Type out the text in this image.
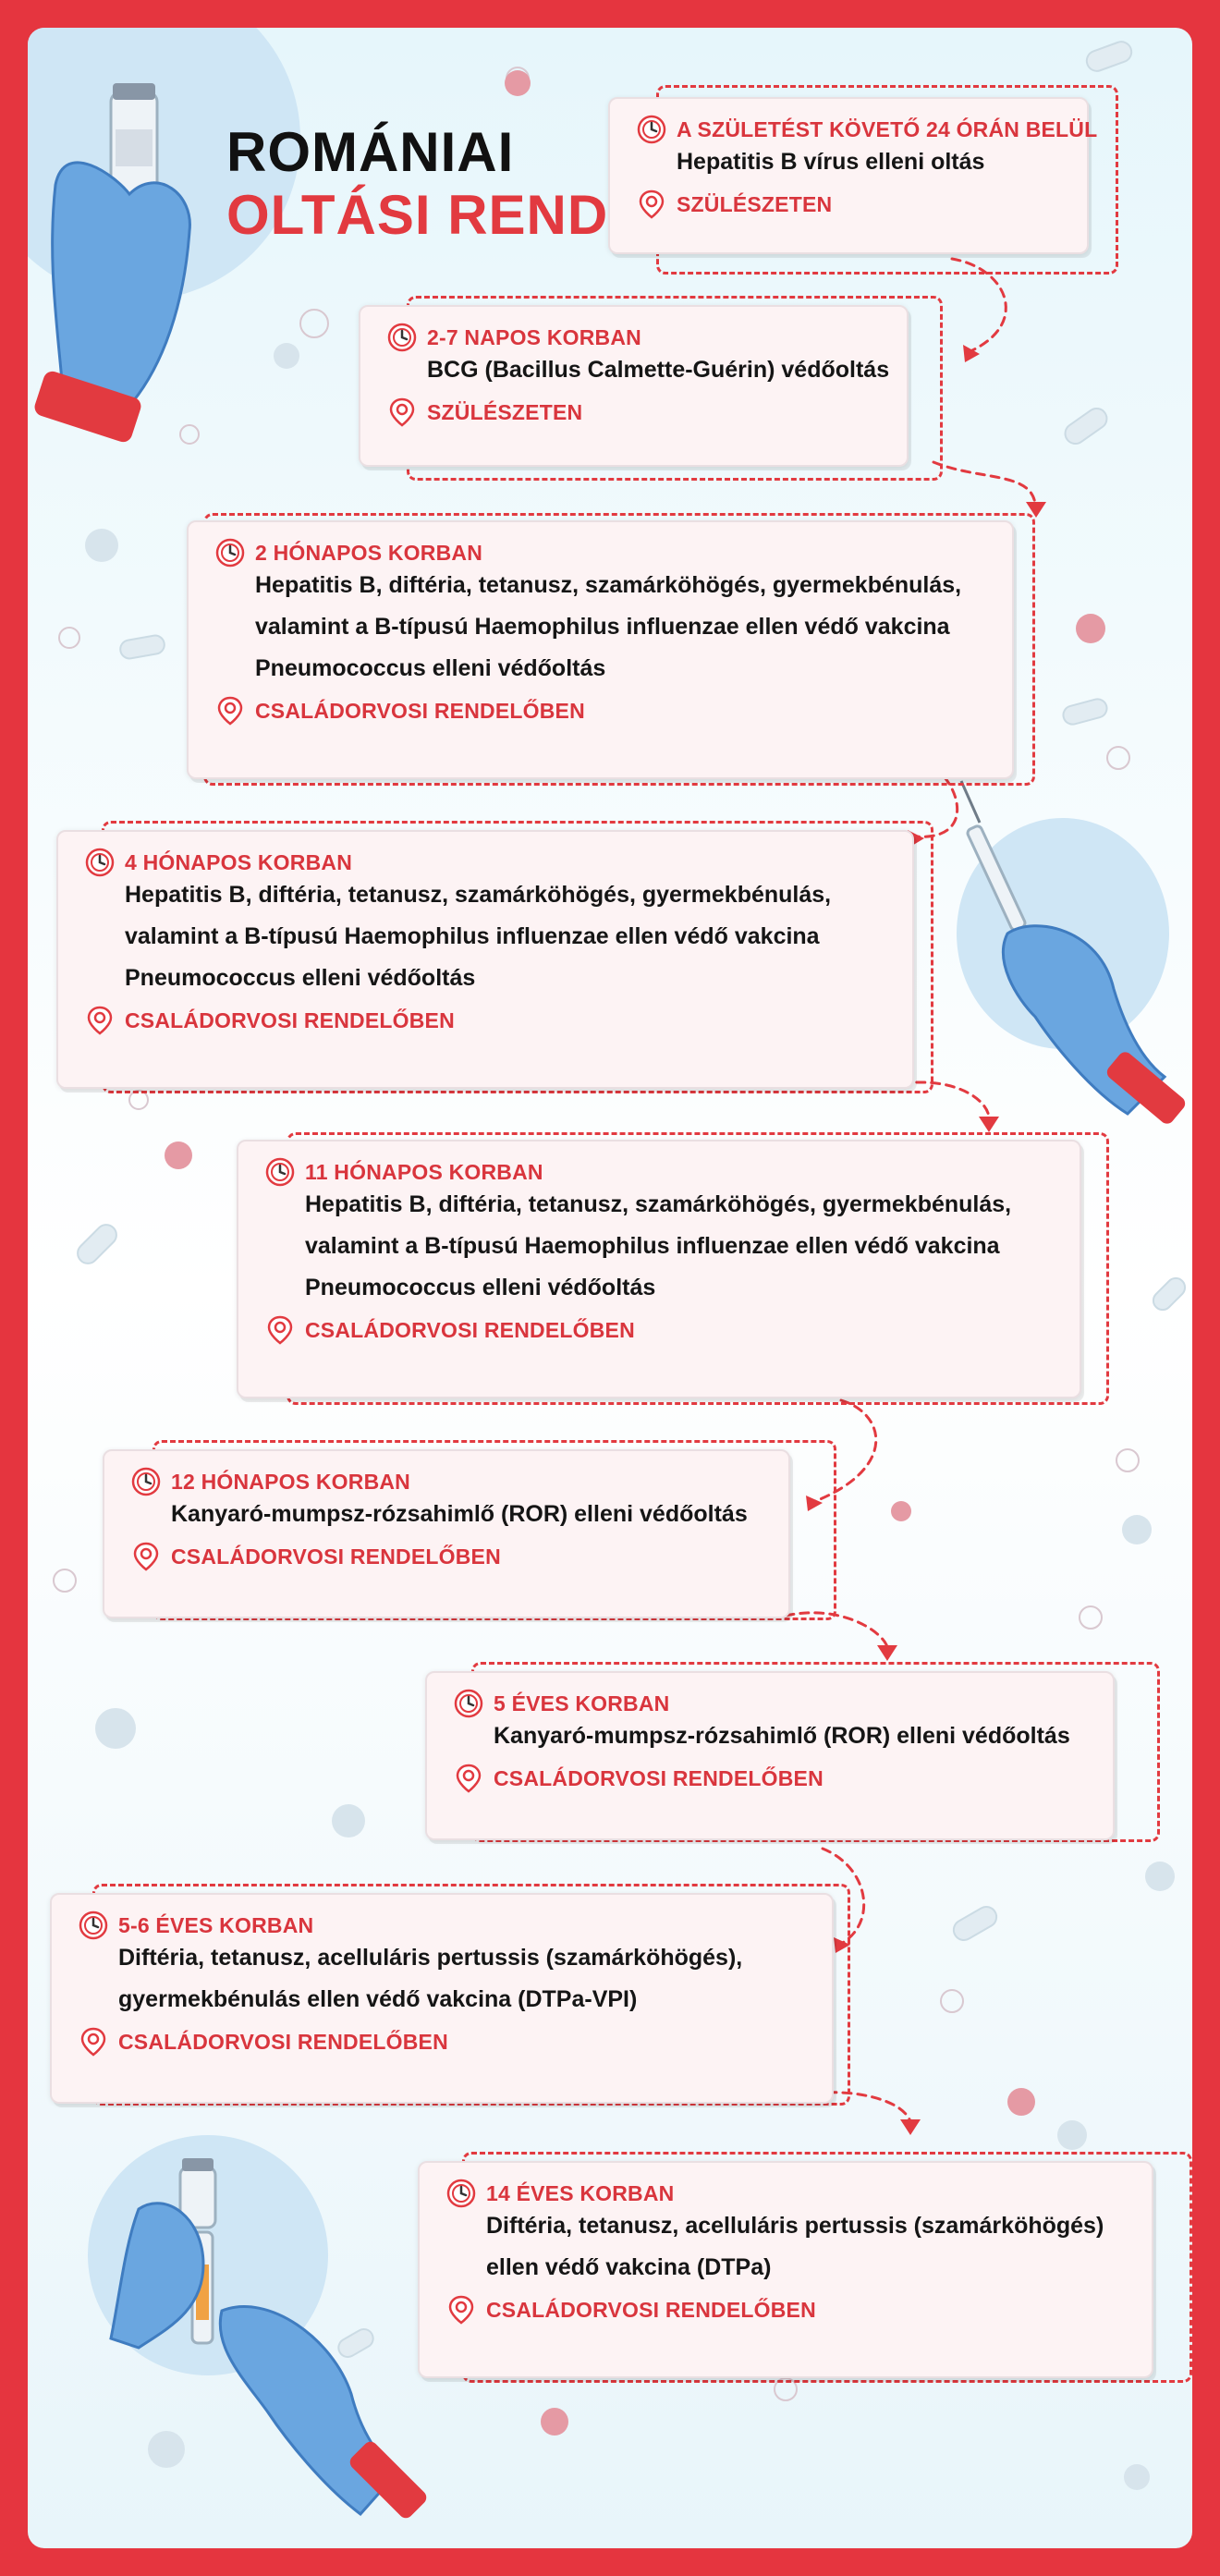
ROMÁNIAI
OLTÁSI REND
A SZÜLETÉST KÖVETŐ 24 ÓRÁN BELÜL
Hepatitis B vírus elleni oltás
SZÜLÉSZETEN
2-7 NAPOS KORBAN
BCG (Bacillus Calmette-Guérin) védőoltás
SZÜLÉSZETEN
2 HÓNAPOS KORBAN
Hepatitis B, diftéria, tetanusz, szamárköhögés, gyermekbénulás,
valamint a B-típusú Haemophilus influenzae ellen védő vakcina
Pneumococcus elleni védőoltás
CSALÁDORVOSI RENDELŐBEN
4 HÓNAPOS KORBAN
Hepatitis B, diftéria, tetanusz, szamárköhögés, gyermekbénulás,
valamint a B-típusú Haemophilus influenzae ellen védő vakcina
Pneumococcus elleni védőoltás
CSALÁDORVOSI RENDELŐBEN
11 HÓNAPOS KORBAN
Hepatitis B, diftéria, tetanusz, szamárköhögés, gyermekbénulás,
valamint a B-típusú Haemophilus influenzae ellen védő vakcina
Pneumococcus elleni védőoltás
CSALÁDORVOSI RENDELŐBEN
12 HÓNAPOS KORBAN
Kanyaró-mumpsz-rózsahimlő (ROR) elleni védőoltás
CSALÁDORVOSI RENDELŐBEN
5 ÉVES KORBAN
Kanyaró-mumpsz-rózsahimlő (ROR) elleni védőoltás
CSALÁDORVOSI RENDELŐBEN
5-6 ÉVES KORBAN
Diftéria, tetanusz, acelluláris pertussis (szamárköhögés),
gyermekbénulás ellen védő vakcina (DTPa-VPI)
CSALÁDORVOSI RENDELŐBEN
14 ÉVES KORBAN
Diftéria, tetanusz, acelluláris pertussis (szamárköhögés)
ellen védő vakcina (DTPa)
CSALÁDORVOSI RENDELŐBEN
